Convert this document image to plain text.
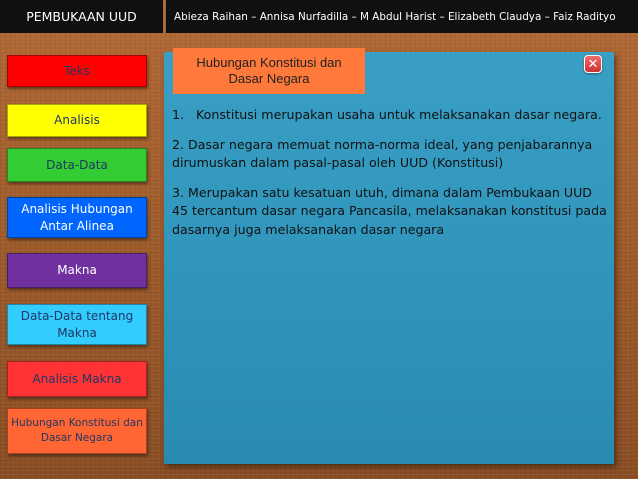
PEMBUKAAN UUD	Abieza Raihan – Annisa Nurfadilla – M Abdul Harist – Elizabeth Claudya – Faiz Radityo
Teks
Analisis
Data-Data
Analisis Hubungan Antar Alinea
Makna
Data-Data tentang Makna
Analisis Makna
Hubungan Konstitusi dan Dasar Negara
Hubungan Konstitusi dan Dasar Negara
✕

1. Konstitusi merupakan usaha untuk melaksanakan dasar negara.

2. Dasar negara memuat norma-norma ideal, yang penjabarannya dirumuskan dalam pasal-pasal oleh UUD (Konstitusi)

3. Merupakan satu kesatuan utuh, dimana dalam Pembukaan UUD 45 tercantum dasar negara Pancasila, melaksanakan konstitusi pada dasarnya juga melaksanakan dasar negara
